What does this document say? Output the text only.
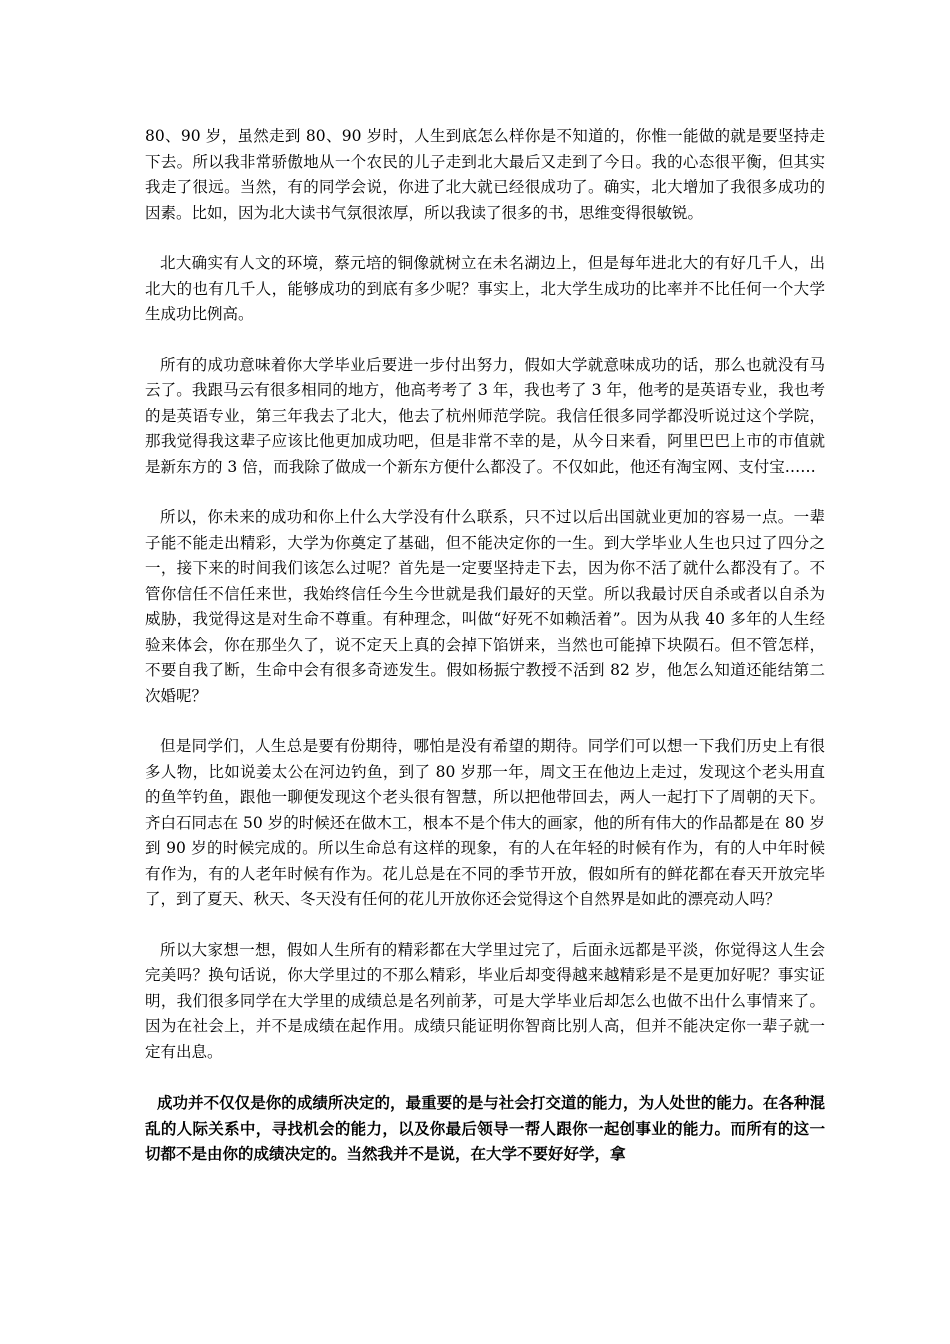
80、90 岁，虽然走到 80、90 岁时，人生到底怎么样你是不知道的，你惟一能做的就是要坚持走下去。所以我非常骄傲地从一个农民的儿子走到北大最后又走到了今日。我的心态很平衡，但其实我走了很远。当然，有的同学会说，你进了北大就已经很成功了。确实，北大增加了我很多成功的因素。比如，因为北大读书气氛很浓厚，所以我读了很多的书，思维变得很敏锐。

北大确实有人文的环境，蔡元培的铜像就树立在未名湖边上，但是每年进北大的有好几千人，出北大的也有几千人，能够成功的到底有多少呢？事实上，北大学生成功的比率并不比任何一个大学生成功比例高。

所有的成功意味着你大学毕业后要进一步付出努力，假如大学就意味成功的话，那么也就没有马云了。我跟马云有很多相同的地方，他高考考了 3 年，我也考了 3 年，他考的是英语专业，我也考的是英语专业，第三年我去了北大，他去了杭州师范学院。我信任很多同学都没听说过这个学院，那我觉得我这辈子应该比他更加成功吧，但是非常不幸的是，从今日来看，阿里巴巴上市的市值就是新东方的 3 倍，而我除了做成一个新东方便什么都没了。不仅如此，他还有淘宝网、支付宝……

所以，你未来的成功和你上什么大学没有什么联系，只不过以后出国就业更加的容易一点。一辈子能不能走出精彩，大学为你奠定了基础，但不能决定你的一生。到大学毕业人生也只过了四分之一，接下来的时间我们该怎么过呢？首先是一定要坚持走下去，因为你不活了就什么都没有了。不管你信任不信任来世，我始终信任今生今世就是我们最好的天堂。所以我最讨厌自杀或者以自杀为威胁，我觉得这是对生命不尊重。有种理念，叫做“好死不如赖活着”。因为从我 40 多年的人生经验来体会，你在那坐久了，说不定天上真的会掉下馅饼来，当然也可能掉下块陨石。但不管怎样，不要自我了断，生命中会有很多奇迹发生。假如杨振宁教授不活到 82 岁，他怎么知道还能结第二次婚呢？

但是同学们，人生总是要有份期待，哪怕是没有希望的期待。同学们可以想一下我们历史上有很多人物，比如说姜太公在河边钓鱼，到了 80 岁那一年，周文王在他边上走过，发现这个老头用直的鱼竿钓鱼，跟他一聊便发现这个老头很有智慧，所以把他带回去，两人一起打下了周朝的天下。齐白石同志在 50 岁的时候还在做木工，根本不是个伟大的画家，他的所有伟大的作品都是在 80 岁到 90 岁的时候完成的。所以生命总有这样的现象，有的人在年轻的时候有作为，有的人中年时候有作为，有的人老年时候有作为。花儿总是在不同的季节开放，假如所有的鲜花都在春天开放完毕了，到了夏天、秋天、冬天没有任何的花儿开放你还会觉得这个自然界是如此的漂亮动人吗？

所以大家想一想，假如人生所有的精彩都在大学里过完了，后面永远都是平淡，你觉得这人生会完美吗？换句话说，你大学里过的不那么精彩，毕业后却变得越来越精彩是不是更加好呢？事实证明，我们很多同学在大学里的成绩总是名列前茅，可是大学毕业后却怎么也做不出什么事情来了。因为在社会上，并不是成绩在起作用。成绩只能证明你智商比别人高，但并不能决定你一辈子就一定有出息。

成功并不仅仅是你的成绩所决定的，最重要的是与社会打交道的能力，为人处世的能力。在各种混乱的人际关系中，寻找机会的能力，以及你最后领导一帮人跟你一起创事业的能力。而所有的这一切都不是由你的成绩决定的。当然我并不是说，在大学不要好好学，拿
